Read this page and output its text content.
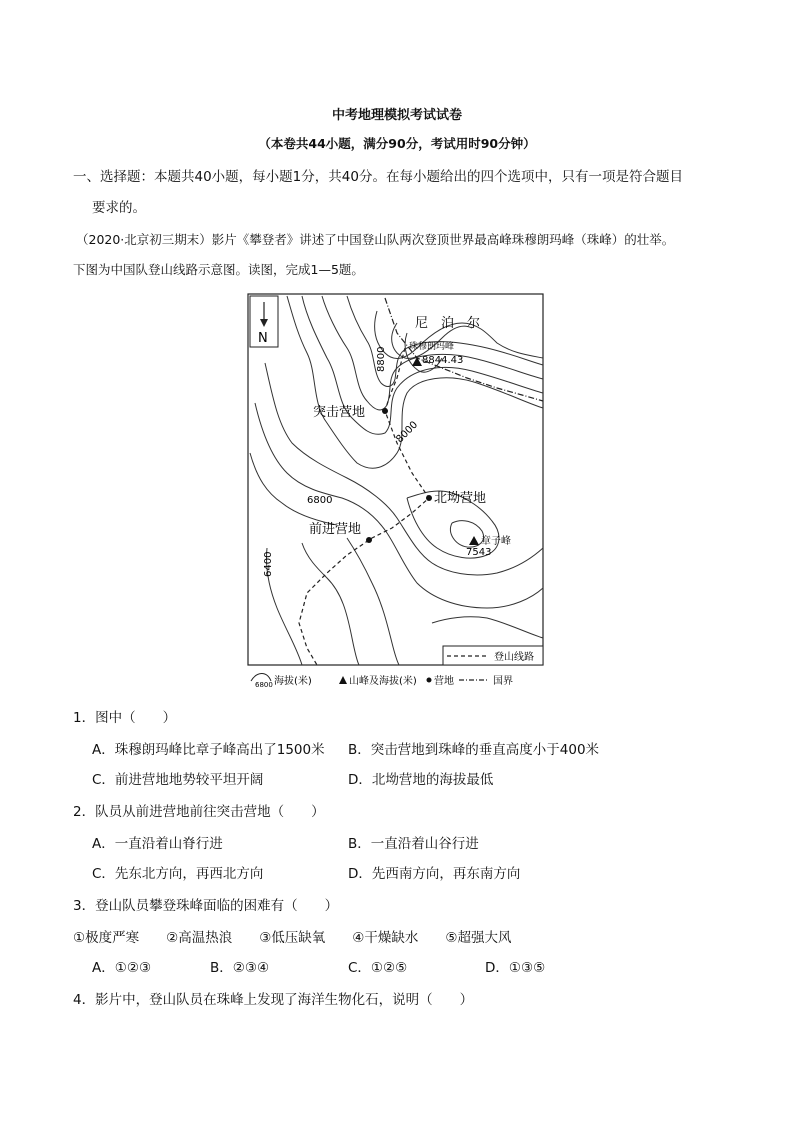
中考地理模拟考试试卷
（本卷共44小题，满分90分，考试用时90分钟）
一、选择题：本题共40小题，每小题1分，共40分。在每小题给出的四个选项中，只有一项是符合题目
要求的。
（2020·北京初三期末）影片《攀登者》讲述了中国登山队两次登顶世界最高峰珠穆朗玛峰（珠峰）的壮举。
下图为中国队登山线路示意图。读图，完成1—5题。
N
尼　泊　尔
珠穆朗玛峰
8844.43
8800
突击营地
8000
北坳营地
6800
前进营地
章子峰
7543
6400
登山线路
6800 海拔(米)	山峰及海拔(米) 营地	国界
1．图中（　　）
A．珠穆朗玛峰比章子峰高出了1500米 B．突击营地到珠峰的垂直高度小于400米
C．前进营地地势较平坦开阔	D．北坳营地的海拔最低
2．队员从前进营地前往突击营地（　　）
A．一直沿着山脊行进	B．一直沿着山谷行进
C．先东北方向，再西北方向	D．先西南方向，再东南方向
3．登山队员攀登珠峰面临的困难有（　　）
①极度严寒　　②高温热浪　　③低压缺氧　　④干燥缺水　　⑤超强大风
A．①②③	B．②③④	C．①②⑤	D．①③⑤
4．影片中，登山队员在珠峰上发现了海洋生物化石，说明（　　）
